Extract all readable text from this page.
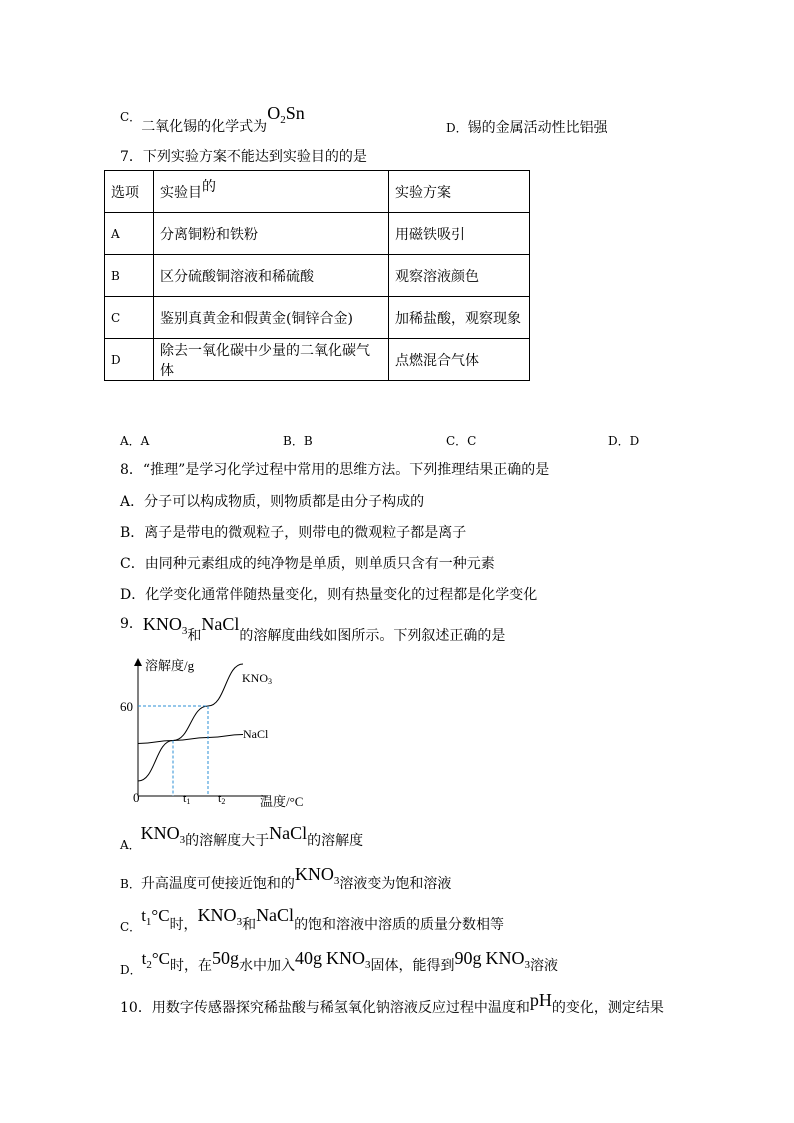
C．二氧化锡的化学式为$O_2Sn$
D．锡的金属活动性比铝强
7．下列实验方案不能达到实验目的的是
选项	实验目的	实验方案
A	分离铜粉和铁粉	用磁铁吸引
B	区分硫酸铜溶液和稀硫酸	观察溶液颜色
C	鉴别真黄金和假黄金(铜锌合金)	加稀盐酸，观察现象
D	除去一氧化碳中少量的二氧化碳气体	点燃混合气体
A．A	B．B	C．C	D．D
8．“推理”是学习化学过程中常用的思维方法。下列推理结果正确的是
A．分子可以构成物质，则物质都是由分子构成的
B．离子是带电的微观粒子，则带电的微观粒子都是离子
C．由同种元素组成的纯净物是单质，则单质只含有一种元素
D．化学变化通常伴随热量变化，则有热量变化的过程都是化学变化
9．$KNO_3$和NaCl的溶解度曲线如图所示。下列叙述正确的是
溶解度/g
0
60
温度/°C
t1 t2
KNO3
NaCl
$_{A.}KNO_3$的溶解度大于NaCl的溶解度
$_{B.}$升高温度可使接近饱和的$KNO_3$溶液变为饱和溶液
$_{C.}t_1^\circ C$时，$KNO_3$和NaCl的饱和溶液中溶质的质量分数相等
$_{D.}t_2^\circ C$时，在50g水中加入40g $KNO_3$固体，能得到90g $KNO_3$溶液
10．用数字传感器探究稀盐酸与稀氢氧化钠溶液反应过程中温度和pH的变化，测定结果
